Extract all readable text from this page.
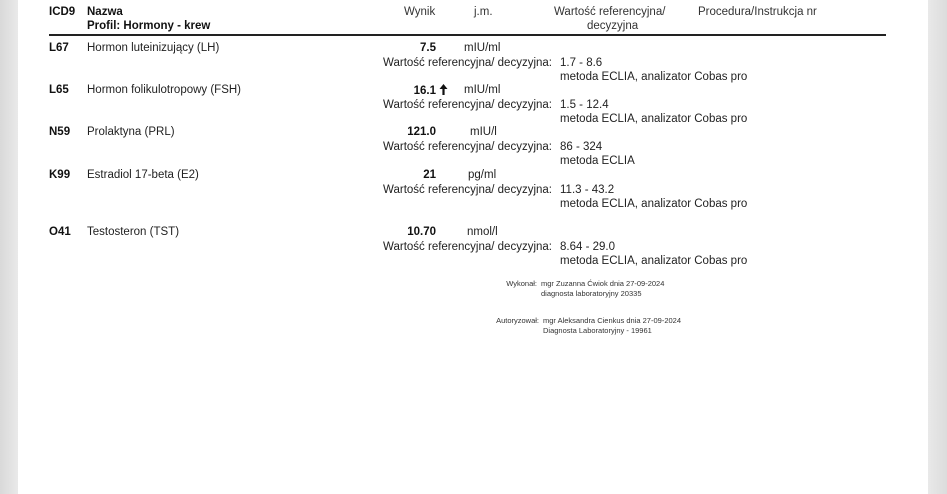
ICD9 Nazwa
Profil: Hormony - krew
Wynik	j.m.	Wartość referencyjna/
decyzyjna
Procedura/Instrukcja nr
L67 Hormon luteinizujący (LH)	7.5 mIU/ml
Wartość referencyjna/ decyzyjna: 1.7 - 8.6
metoda ECLIA, analizator Cobas pro
L65 Hormon folikulotropowy (FSH)	16.1	mIU/ml
Wartość referencyjna/ decyzyjna: 1.5 - 12.4
metoda ECLIA, analizator Cobas pro
N59 Prolaktyna (PRL)	121.0	mIU/l
Wartość referencyjna/ decyzyjna: 86 - 324
metoda ECLIA
K99 Estradiol 17-beta (E2)	21	pg/ml
Wartość referencyjna/ decyzyjna: 11.3 - 43.2
metoda ECLIA, analizator Cobas pro
O41 Testosteron (TST)	10.70	nmol/l
Wartość referencyjna/ decyzyjna: 8.64 - 29.0
metoda ECLIA, analizator Cobas pro
Wykonał: mgr Zuzanna Ćwiok dnia 27-09-2024
diagnosta laboratoryjny 20335
Autoryzował: mgr Aleksandra Cienkus dnia 27-09-2024
Diagnosta Laboratoryjny - 19961
